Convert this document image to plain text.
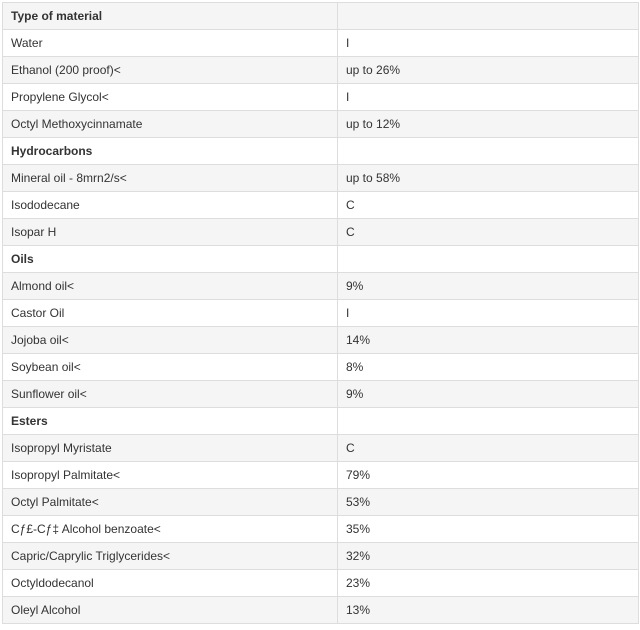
Type of material	
Water	I
Ethanol (200 proof)<	up to 26%
Propylene Glycol<	I
Octyl Methoxycinnamate	up to 12%
Hydrocarbons	
Mineral oil - 8mrn2/s<	up to 58%
Isododecane	C
Isopar H	C
Oils	
Almond oil<	9%
Castor Oil	I
Jojoba oil<	14%
Soybean oil<	8%
Sunflower oil<	9%
Esters	
Isopropyl Myristate	C
Isopropyl Palmitate<	79%
Octyl Palmitate<	53%
Cƒ£-Cƒ‡ Alcohol benzoate<	35%
Capric/Caprylic Triglycerides<	32%
Octyldodecanol	23%
Oleyl Alcohol	13%
